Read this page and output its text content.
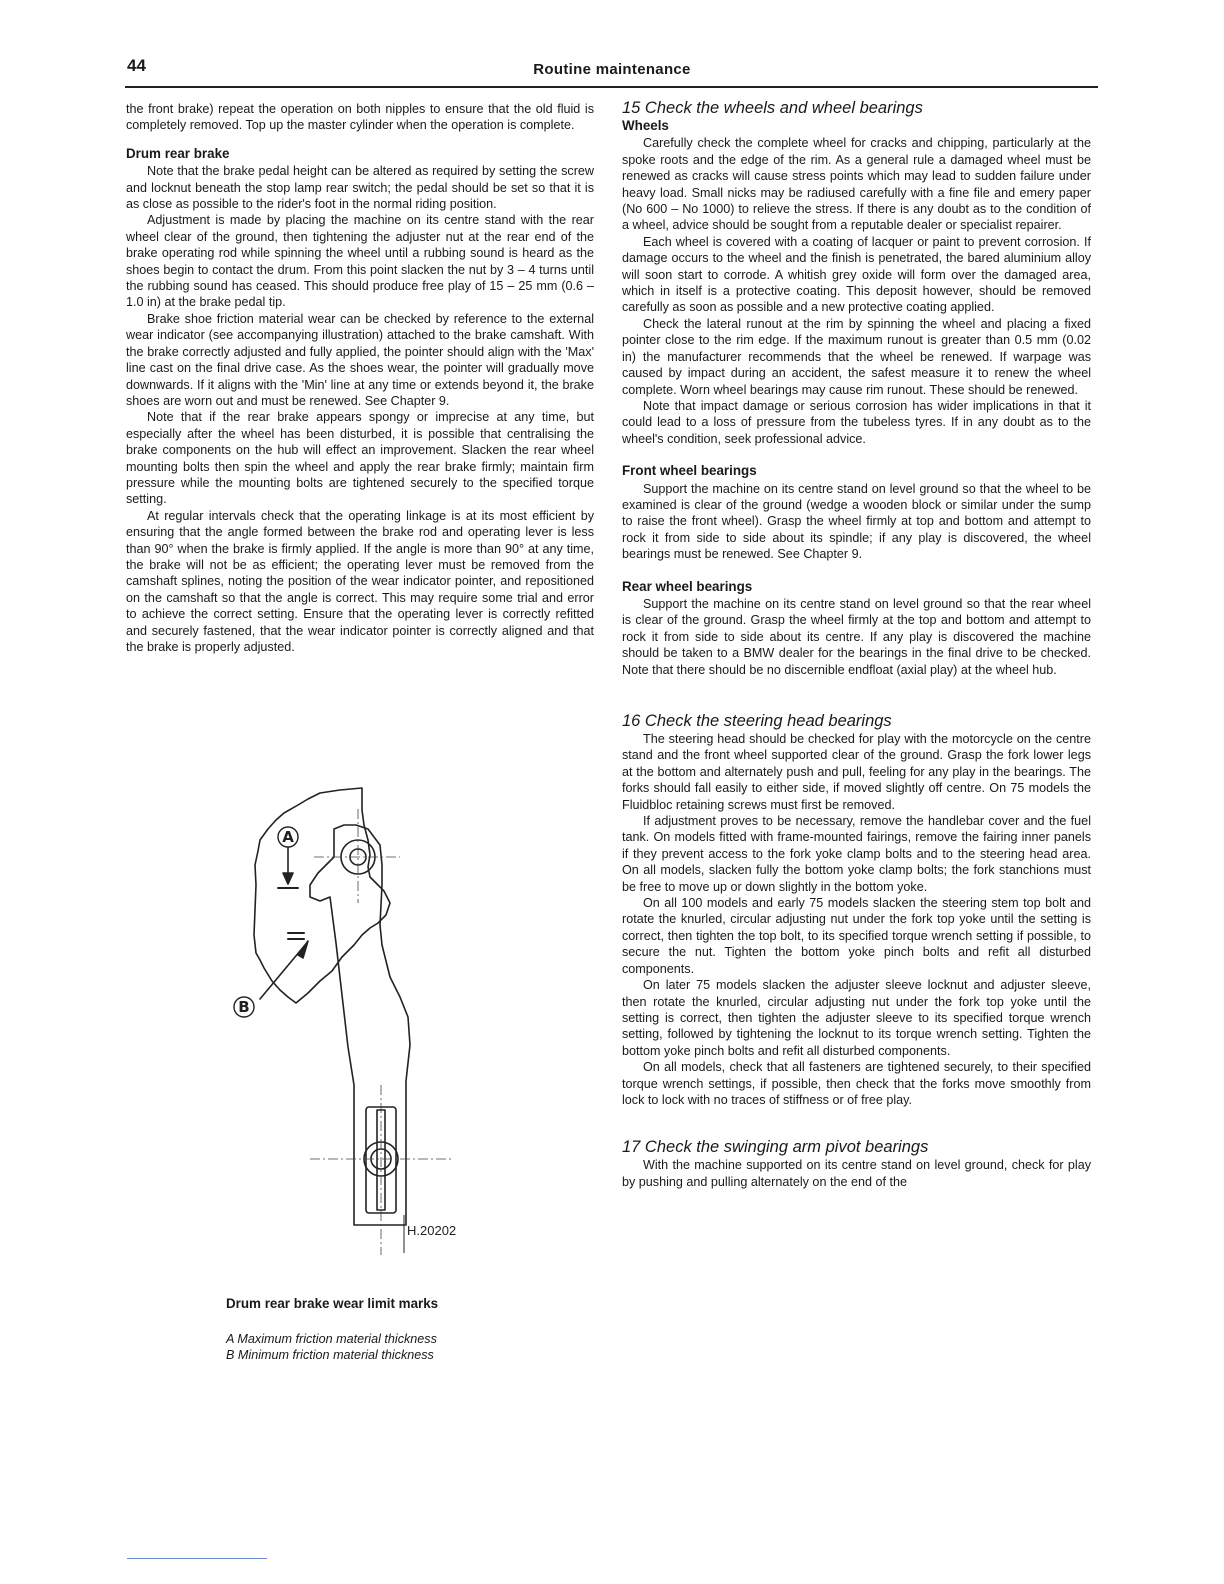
44	Routine maintenance

the front brake) repeat the operation on both nipples to ensure that the old fluid is completely removed. Top up the master cylinder when the operation is complete.

Drum rear brake

Note that the brake pedal height can be altered as required by setting the screw and locknut beneath the stop lamp rear switch; the pedal should be set so that it is as close as possible to the rider's foot in the normal riding position.

Adjustment is made by placing the machine on its centre stand with the rear wheel clear of the ground, then tightening the adjuster nut at the rear end of the brake operating rod while spinning the wheel until a rubbing sound is heard as the shoes begin to contact the drum. From this point slacken the nut by 3 – 4 turns until the rubbing sound has ceased. This should produce free play of 15 – 25 mm (0.6 – 1.0 in) at the brake pedal tip.

Brake shoe friction material wear can be checked by reference to the external wear indicator (see accompanying illustration) attached to the brake camshaft. With the brake correctly adjusted and fully applied, the pointer should align with the 'Max' line cast on the final drive case. As the shoes wear, the pointer will gradually move downwards. If it aligns with the 'Min' line at any time or extends beyond it, the brake shoes are worn out and must be renewed. See Chapter 9.

Note that if the rear brake appears spongy or imprecise at any time, but especially after the wheel has been disturbed, it is possible that centralising the brake components on the hub will effect an improvement. Slacken the rear wheel mounting bolts then spin the wheel and apply the rear brake firmly; maintain firm pressure while the mounting bolts are tightened securely to the specified torque setting.

At regular intervals check that the operating linkage is at its most efficient by ensuring that the angle formed between the brake rod and operating lever is less than 90° when the brake is firmly applied. If the angle is more than 90° at any time, the brake will not be as efficient; the operating lever must be removed from the camshaft splines, noting the position of the wear indicator pointer, and repositioned on the camshaft so that the angle is correct. This may require some trial and error to achieve the correct setting. Ensure that the operating lever is correctly refitted and securely fastened, that the wear indicator pointer is correctly aligned and that the brake is properly adjusted.

A
B
H.20202

Drum rear brake wear limit marks

A Maximum friction material thickness
B Minimum friction material thickness

15 Check the wheels and wheel bearings
Wheels

Carefully check the complete wheel for cracks and chipping, particularly at the spoke roots and the edge of the rim. As a general rule a damaged wheel must be renewed as cracks will cause stress points which may lead to sudden failure under heavy load. Small nicks may be radiused carefully with a fine file and emery paper (No 600 – No 1000) to relieve the stress. If there is any doubt as to the condition of a wheel, advice should be sought from a reputable dealer or specialist repairer.

Each wheel is covered with a coating of lacquer or paint to prevent corrosion. If damage occurs to the wheel and the finish is penetrated, the bared aluminium alloy will soon start to corrode. A whitish grey oxide will form over the damaged area, which in itself is a protective coating. This deposit however, should be removed carefully as soon as possible and a new protective coating applied.

Check the lateral runout at the rim by spinning the wheel and placing a fixed pointer close to the rim edge. If the maximum runout is greater than 0.5 mm (0.02 in) the manufacturer recommends that the wheel be renewed. If warpage was caused by impact during an accident, the safest measure it to renew the wheel complete. Worn wheel bearings may cause rim runout. These should be renewed.

Note that impact damage or serious corrosion has wider implications in that it could lead to a loss of pressure from the tubeless tyres. If in any doubt as to the wheel's condition, seek professional advice.

Front wheel bearings

Support the machine on its centre stand on level ground so that the wheel to be examined is clear of the ground (wedge a wooden block or similar under the sump to raise the front wheel). Grasp the wheel firmly at top and bottom and attempt to rock it from side to side about its spindle; if any play is discovered, the wheel bearings must be renewed. See Chapter 9.

Rear wheel bearings

Support the machine on its centre stand on level ground so that the rear wheel is clear of the ground. Grasp the wheel firmly at the top and bottom and attempt to rock it from side to side about its centre. If any play is discovered the machine should be taken to a BMW dealer for the bearings in the final drive to be checked. Note that there should be no discernible endfloat (axial play) at the wheel hub.

16 Check the steering head bearings

The steering head should be checked for play with the motorcycle on the centre stand and the front wheel supported clear of the ground. Grasp the fork lower legs at the bottom and alternately push and pull, feeling for any play in the bearings. The forks should fall easily to either side, if moved slightly off centre. On 75 models the Fluidbloc retaining screws must first be removed.

If adjustment proves to be necessary, remove the handlebar cover and the fuel tank. On models fitted with frame-mounted fairings, remove the fairing inner panels if they prevent access to the fork yoke clamp bolts and to the steering head area. On all models, slacken fully the bottom yoke clamp bolts; the fork stanchions must be free to move up or down slightly in the bottom yoke.

On all 100 models and early 75 models slacken the steering stem top bolt and rotate the knurled, circular adjusting nut under the fork top yoke until the setting is correct, then tighten the top bolt, to its specified torque wrench setting if possible, to secure the nut. Tighten the bottom yoke pinch bolts and refit all disturbed components.

On later 75 models slacken the adjuster sleeve locknut and adjuster sleeve, then rotate the knurled, circular adjusting nut under the fork top yoke until the setting is correct, then tighten the adjuster sleeve to its specified torque wrench setting, followed by tightening the locknut to its torque wrench setting. Tighten the bottom yoke pinch bolts and refit all disturbed components.

On all models, check that all fasteners are tightened securely, to their specified torque wrench settings, if possible, then check that the forks move smoothly from lock to lock with no traces of stiffness or of free play.

17 Check the swinging arm pivot bearings

With the machine supported on its centre stand on level ground, check for play by pushing and pulling alternately on the end of the
